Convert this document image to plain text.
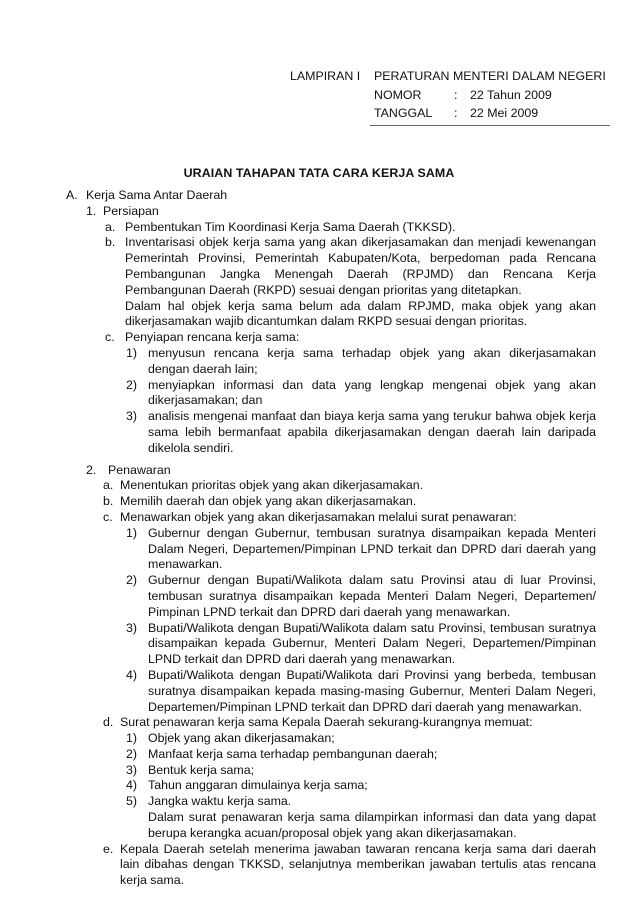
LAMPIRAN I PERATURAN MENTERI DALAM NEGERI
NOMOR	: 22 Tahun 2009
TANGGAL : 22 Mei 2009
URAIAN TAHAPAN TATA CARA KERJA SAMA
A. Kerja Sama Antar Daerah
1. Persiapan
a. Pembentukan Tim Koordinasi Kerja Sama Daerah (TKKSD).
b. Inventarisasi objek kerja sama yang akan dikerjasamakan dan menjadi kewenangan Pemerintah Provinsi, Pemerintah Kabupaten/Kota, berpedoman pada Rencana Pembangunan Jangka Menengah Daerah (RPJMD) dan Rencana Kerja Pembangunan Daerah (RKPD) sesuai dengan prioritas yang ditetapkan.
Dalam hal objek kerja sama belum ada dalam RPJMD, maka objek yang akan dikerjasamakan wajib dicantumkan dalam RKPD sesuai dengan prioritas.
c. Penyiapan rencana kerja sama:
1) menyusun rencana kerja sama terhadap objek yang akan dikerjasamakan dengan daerah lain;
2) menyiapkan informasi dan data yang lengkap mengenai objek yang akan dikerjasamakan; dan
3) analisis mengenai manfaat dan biaya kerja sama yang terukur bahwa objek kerja sama lebih bermanfaat apabila dikerjasamakan dengan daerah lain daripada dikelola sendiri.
2. Penawaran
a. Menentukan prioritas objek yang akan dikerjasamakan.
b. Memilih daerah dan objek yang akan dikerjasamakan.
c. Menawarkan objek yang akan dikerjasamakan melalui surat penawaran:
1) Gubernur dengan Gubernur, tembusan suratnya disampaikan kepada Menteri Dalam Negeri, Departemen/Pimpinan LPND terkait dan DPRD dari daerah yang menawarkan.
2) Gubernur dengan Bupati/Walikota dalam satu Provinsi atau di luar Provinsi, tembusan suratnya disampaikan kepada Menteri Dalam Negeri, Departemen/ Pimpinan LPND terkait dan DPRD dari daerah yang menawarkan.
3) Bupati/Walikota dengan Bupati/Walikota dalam satu Provinsi, tembusan suratnya disampaikan kepada Gubernur, Menteri Dalam Negeri, Departemen/Pimpinan LPND terkait dan DPRD dari daerah yang menawarkan.
4) Bupati/Walikota dengan Bupati/Walikota dari Provinsi yang berbeda, tembusan suratnya disampaikan kepada masing-masing Gubernur, Menteri Dalam Negeri, Departemen/Pimpinan LPND terkait dan DPRD dari daerah yang menawarkan.
d. Surat penawaran kerja sama Kepala Daerah sekurang-kurangnya memuat:
1) Objek yang akan dikerjasamakan;
2) Manfaat kerja sama terhadap pembangunan daerah;
3) Bentuk kerja sama;
4) Tahun anggaran dimulainya kerja sama;
5) Jangka waktu kerja sama.
Dalam surat penawaran kerja sama dilampirkan informasi dan data yang dapat berupa kerangka acuan/proposal objek yang akan dikerjasamakan.
e. Kepala Daerah setelah menerima jawaban tawaran rencana kerja sama dari daerah lain dibahas dengan TKKSD, selanjutnya memberikan jawaban tertulis atas rencana kerja sama.
